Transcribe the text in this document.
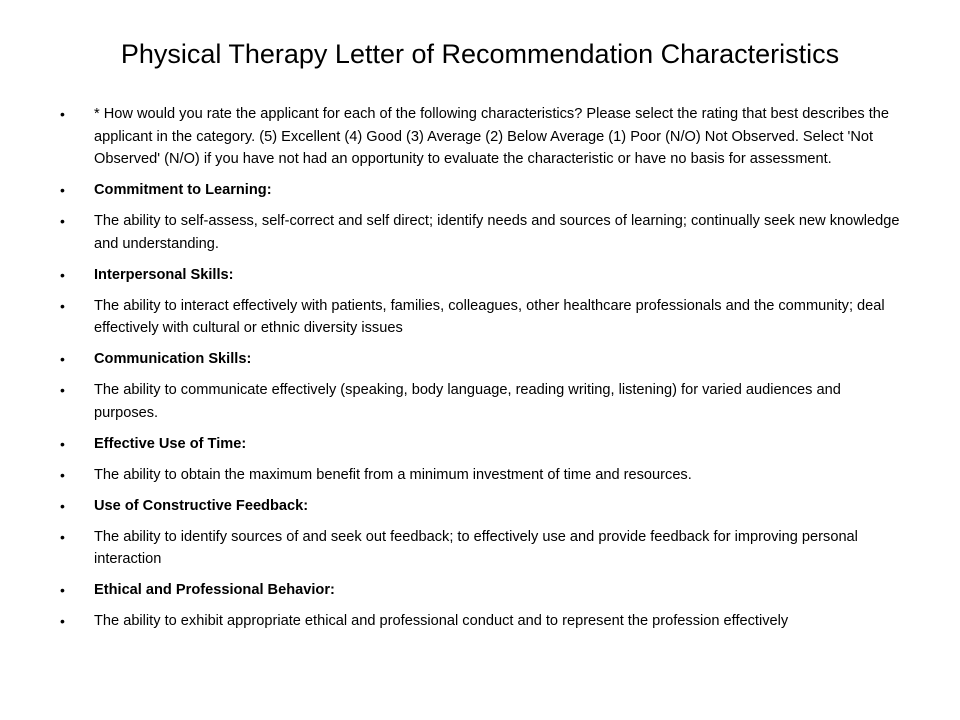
Physical Therapy Letter of Recommendation Characteristics
•	* How would you rate the applicant for each of the following characteristics? Please select the rating that best describes the applicant in the category. (5) Excellent (4) Good (3) Average (2) Below Average (1) Poor (N/O) Not Observed. Select 'Not Observed' (N/O) if you have not had an opportunity to evaluate the characteristic or have no basis for assessment.
•	Commitment to Learning:
•	The ability to self-assess, self-correct and self direct; identify needs and sources of learning; continually seek new knowledge and understanding.
•	Interpersonal Skills:
•	The ability to interact effectively with patients, families, colleagues, other healthcare professionals and the community; deal effectively with cultural or ethnic diversity issues
•	Communication Skills:
•	The ability to communicate effectively (speaking, body language, reading writing, listening) for varied audiences and purposes.
•	Effective Use of Time:
•	The ability to obtain the maximum benefit from a minimum investment of time and resources.
•	Use of Constructive Feedback:
•	The ability to identify sources of and seek out feedback; to effectively use and provide feedback for improving personal interaction
•	Ethical and Professional Behavior:
•	The ability to exhibit appropriate ethical and professional conduct and to represent the profession effectively
